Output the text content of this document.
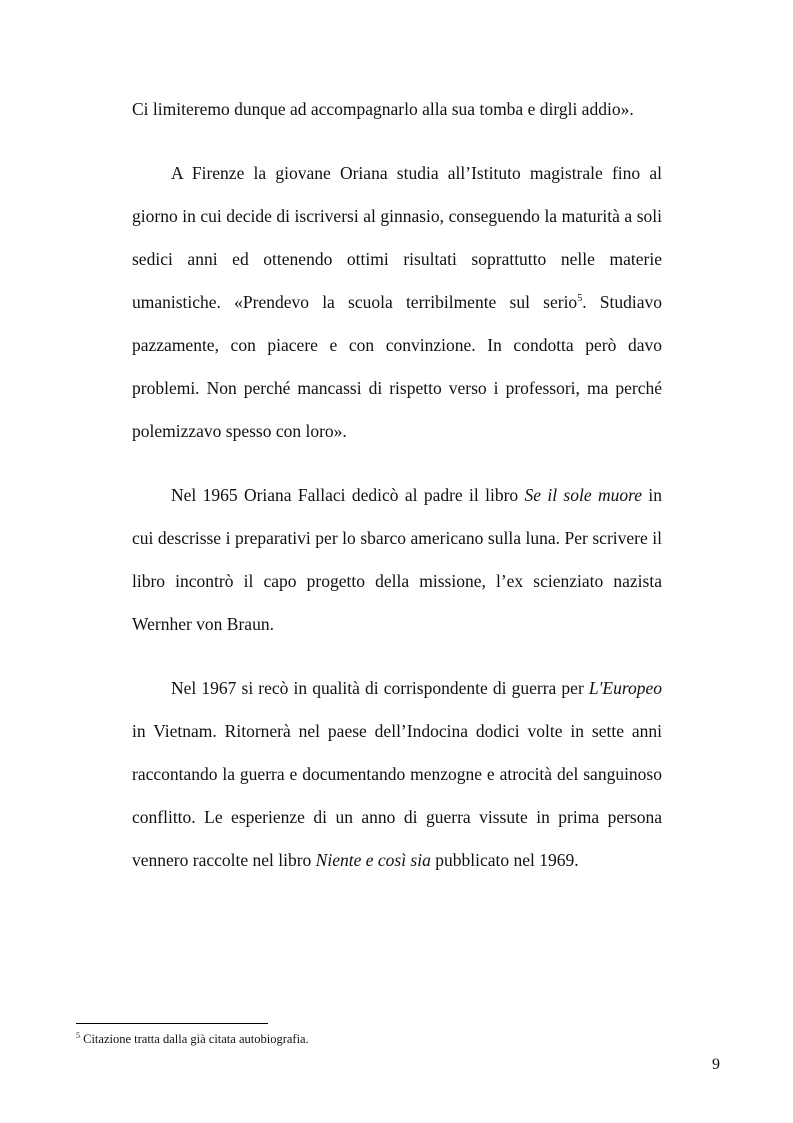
Ci limiteremo dunque ad accompagnarlo alla sua tomba e dirgli addio».

A Firenze la giovane Oriana studia all’Istituto magistrale fino al giorno in cui decide di iscriversi al ginnasio, conseguendo la maturità a soli sedici anni ed ottenendo ottimi risultati soprattutto nelle materie umanistiche. «Prendevo la scuola terribilmente sul serio$^5$. Studiavo pazzamente, con piacere e con convinzione. In condotta però davo problemi. Non perché mancassi di rispetto verso i professori, ma perché polemizzavo spesso con loro».

Nel 1965 Oriana Fallaci dedicò al padre il libro Se il sole muore in cui descrisse i preparativi per lo sbarco americano sulla luna. Per scrivere il libro incontrò il capo progetto della missione, l’ex scienziato nazista Wernher von Braun.

Nel 1967 si recò in qualità di corrispondente di guerra per L'Europeo in Vietnam. Ritornerà nel paese dell’Indocina dodici volte in sette anni raccontando la guerra e documentando menzogne e atrocità del sanguinoso conflitto. Le esperienze di un anno di guerra vissute in prima persona vennero raccolte nel libro Niente e così sia pubblicato nel 1969.

$^5$ Citazione tratta dalla già citata autobiografia.
9
